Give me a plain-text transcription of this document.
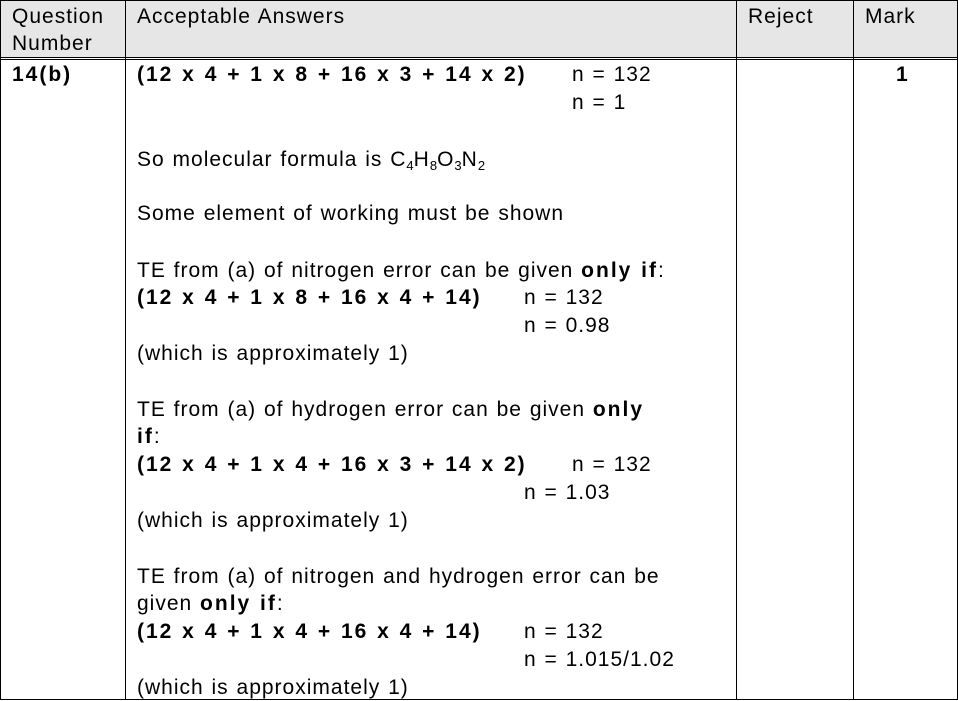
Question
Number
Acceptable Answers	Reject Mark
14(b)	1
(12 x 4 + 1 x 8 + 16 x 3 + 14 x 2) n = 132
n = 1
So molecular formula is $C_4H_8O_3N_2$
Some element of working must be shown
TE from (a) of nitrogen error can be given only if:
(12 x 4 + 1 x 8 + 16 x 4 + 14) n = 132
n = 0.98
(which is approximately 1)
TE from (a) of hydrogen error can be given only
if:
(12 x 4 + 1 x 4 + 16 x 3 + 14 x 2) n = 132
n = 1.03
(which is approximately 1)
TE from (a) of nitrogen and hydrogen error can be
given only if:
(12 x 4 + 1 x 4 + 16 x 4 + 14) n = 132
n = 1.015/1.02
(which is approximately 1)
